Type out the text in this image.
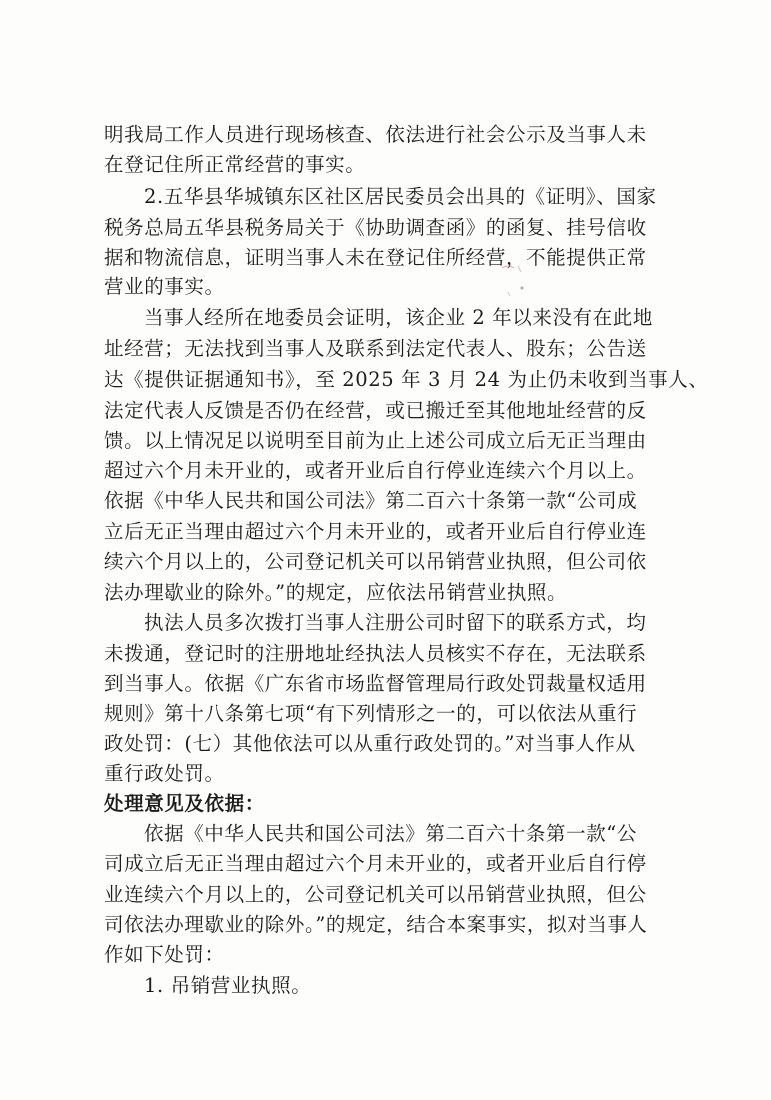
明我局工作人员进行现场核查、依法进行社会公示及当事人未
在登记住所正常经营的事实。
2.五华县华城镇东区社区居民委员会出具的《证明》、国家
税务总局五华县税务局关于《协助调查函》的函复、挂号信收
据和物流信息，证明当事人未在登记住所经营，不能提供正常
营业的事实。
当事人经所在地委员会证明，该企业 2 年以来没有在此地
址经营；无法找到当事人及联系到法定代表人、股东；公告送
达《提供证据通知书》，至 2025 年 3 月 24 为止仍未收到当事人、
法定代表人反馈是否仍在经营，或已搬迁至其他地址经营的反
馈。以上情况足以说明至目前为止上述公司成立后无正当理由
超过六个月未开业的，或者开业后自行停业连续六个月以上。
依据《中华人民共和国公司法》第二百六十条第一款“公司成
立后无正当理由超过六个月未开业的，或者开业后自行停业连
续六个月以上的，公司登记机关可以吊销营业执照，但公司依
法办理歇业的除外。”的规定，应依法吊销营业执照。
执法人员多次拨打当事人注册公司时留下的联系方式，均
未拨通，登记时的注册地址经执法人员核实不存在，无法联系
到当事人。依据《广东省市场监督管理局行政处罚裁量权适用
规则》第十八条第七项“有下列情形之一的，可以依法从重行
政处罚：(七）其他依法可以从重行政处罚的。”对当事人作从
重行政处罚。
处理意见及依据：
依据《中华人民共和国公司法》第二百六十条第一款“公
司成立后无正当理由超过六个月未开业的，或者开业后自行停
业连续六个月以上的，公司登记机关可以吊销营业执照，但公
司依法办理歇业的除外。”的规定，结合本案事实，拟对当事人
作如下处罚：
1. 吊销营业执照。
